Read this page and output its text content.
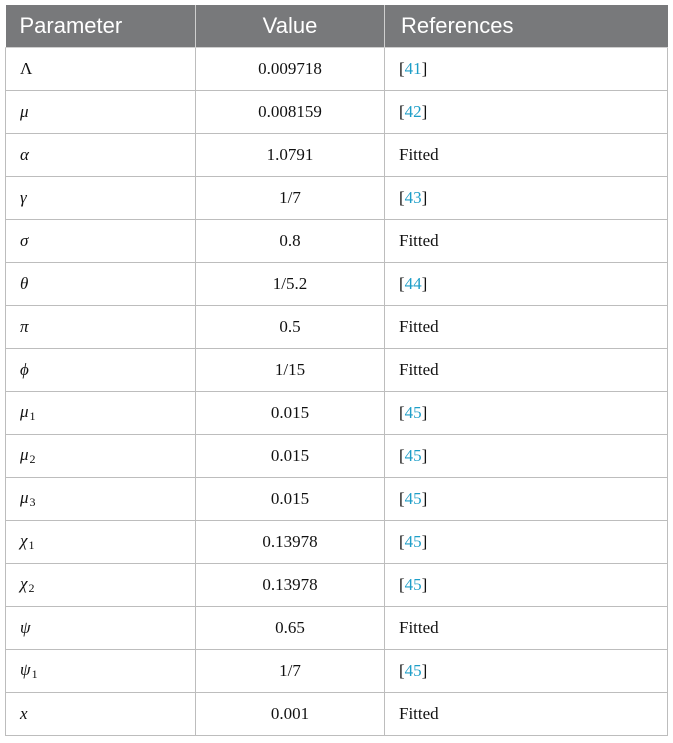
Parameter	Value	References
Λ	0.009718	[41]
μ	0.008159	[42]
α	1.0791	Fitted
γ	1/7	[43]
σ	0.8	Fitted
θ	1/5.2	[44]
π	0.5	Fitted
ϕ	1/15	Fitted
$\mu_1$	0.015	[45]
$\mu_2$	0.015	[45]
$\mu_3$	0.015	[45]
$\chi_1$	0.13978	[45]
$\chi_2$	0.13978	[45]
ψ	0.65	Fitted
$\psi_1$	1/7	[45]
x	0.001	Fitted
